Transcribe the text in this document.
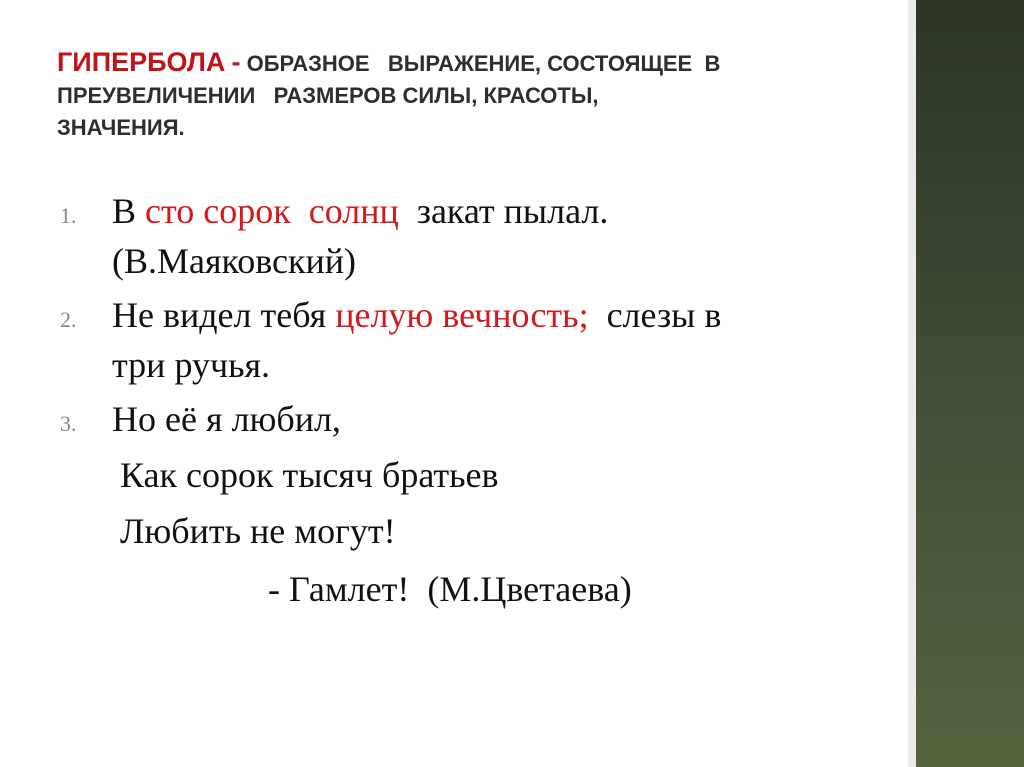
ГИПЕРБОЛА - ОБРАЗНОЕ   ВЫРАЖЕНИЕ, СОСТОЯЩЕЕ  В
ПРЕУВЕЛИЧЕНИИ   РАЗМЕРОВ СИЛЫ, КРАСОТЫ,
ЗНАЧЕНИЯ.
1. В сто сорок  солнц  закат пылал.
(В.Маяковский)
2. Не видел тебя целую вечность;  слезы в
три ручья.
3. Но её я любил,
Как сорок тысяч братьев
Любить не могут!
- Гамлет!  (М.Цветаева)
